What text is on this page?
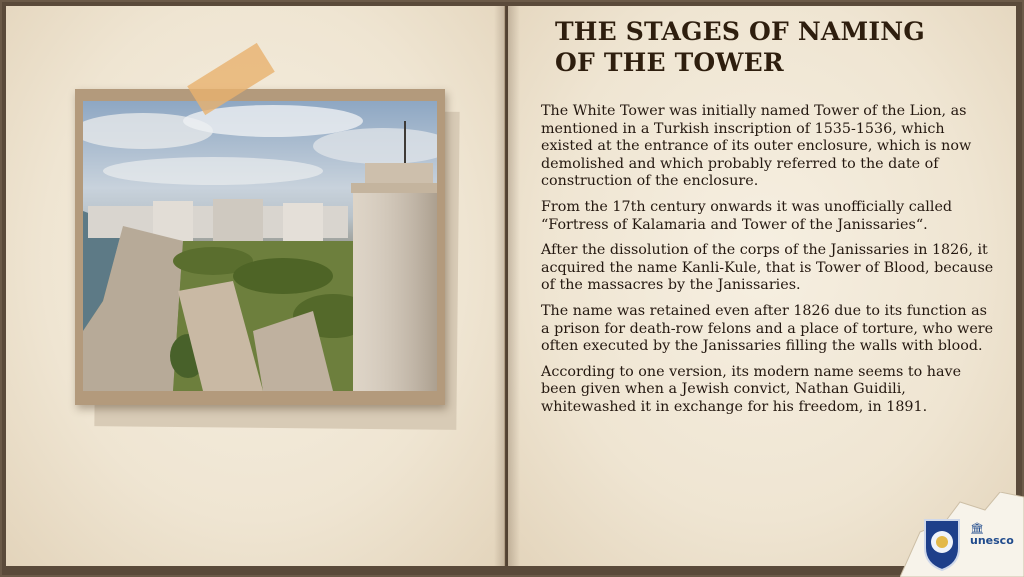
THE STAGES OF NAMING
OF THE TOWER

The White Tower was initially named Tower of the Lion, as mentioned in a Turkish inscription of 1535-1536, which existed at the entrance of its outer enclosure, which is now demolished and which probably referred to the date of construction of the enclosure.

From the 17th century onwards it was unofficially called “Fortress of Kalamaria and Tower of the Janissaries“.

After the dissolution of the corps of the Janissaries in 1826, it acquired the name Kanli-Kule, that is Tower of Blood, because of the massacres by the Janissaries.

The name was retained even after 1826 due to its function as a prison for death-row felons and a place of torture, who were often executed by the Janissaries filling the walls with blood.

According to one version, its modern name seems to have been given when a Jewish convict, Nathan Guidili, whitewashed it in exchange for his freedom, in 1891.

🏛
unesco
